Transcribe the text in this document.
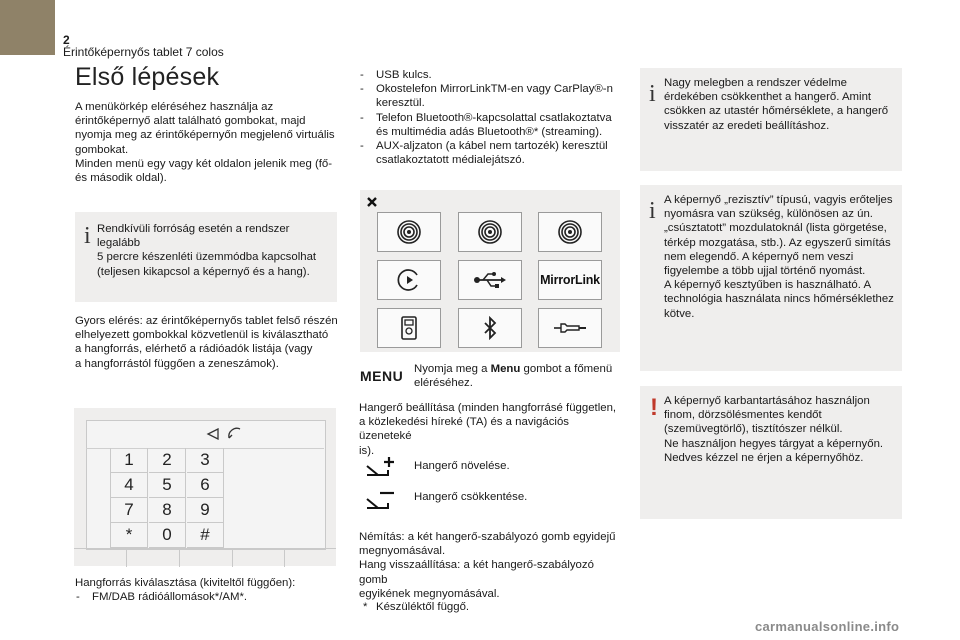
2
Érintőképernyős tablet 7 colos
Első lépések
A menükörkép eléréséhez használja az
érintőképernyő alatt található gombokat, majd
nyomja meg az érintőképernyőn megjelenő virtuális
gombokat.
Minden menü egy vagy két oldalon jelenik meg (fő-
és második oldal).
i Rendkívüli forróság esetén a rendszer legalább
5 percre készenléti üzemmódba kapcsolhat
(teljesen kikapcsol a képernyő és a hang).
Gyors elérés: az érintőképernyős tablet felső részén
elhelyezett gombokkal közvetlenül is kiválasztható
a hangforrás, elérhető a rádióadók listája (vagy
a hangforrástól függően a zeneszámok).
1	2	3
4	5	6
7	8	9
*	0	#
Hangforrás kiválasztása (kiviteltől függően):
- FM/DAB rádióállomások*/AM*.
- USB kulcs.
- Okostelefon MirrorLinkTM-en vagy CarPlay®-n keresztül.
- Telefon Bluetooth®-kapcsolattal csatlakoztatva és multimédia adás Bluetooth®* (streaming).
- AUX-aljzaton (a kábel nem tartozék) keresztül csatlakoztatott médialejátszó.
MirrorLink
MENU Nyomja meg a Menu gombot a főmenü eléréséhez.
Hangerő beállítása (minden hangforrásé független,
a közlekedési híreké (TA) és a navigációs üzeneteké
is).
Hangerő növelése.
Hangerő csökkentése.
Némítás: a két hangerő-szabályozó gomb egyidejű
megnyomásával.
Hang visszaállítása: a két hangerő-szabályozó gomb
egyikének megnyomásával.
* Készüléktől függő.
i Nagy melegben a rendszer védelme
érdekében csökkenthet a hangerő. Amint
csökken az utastér hőmérséklete, a hangerő
visszatér az eredeti beállításhoz.
i A képernyő „rezisztív” típusú, vagyis erőteljes
nyomásra van szükség, különösen az ún.
„csúsztatott” mozdulatoknál (lista görgetése,
térkép mozgatása, stb.). Az egyszerű simítás
nem elegendő. A képernyő nem veszi
figyelembe a több ujjal történő nyomást.
A képernyő kesztyűben is használható. A
technológia használata nincs hőmérséklethez
kötve.
! A képernyő karbantartásához használjon
finom, dörzsölésmentes kendőt
(szemüvegtörlő), tisztítószer nélkül.
Ne használjon hegyes tárgyat a képernyőn.
Nedves kézzel ne érjen a képernyőhöz.
carmanualsonline.info
